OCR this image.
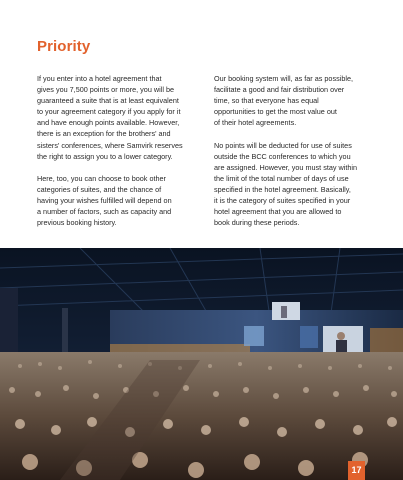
Priority

If you enter into a hotel agreement that
gives you 7,500 points or more, you will be
guaranteed a suite that is at least equivalent
to your agreement category if you apply for it
and have enough points available. However,
there is an exception for the brothers' and
sisters' conferences, where Samvirk reserves
the right to assign you to a lower category.

Here, too, you can choose to book other
categories of suites, and the chance of
having your wishes fulfilled will depend on
a number of factors, such as capacity and
previous booking history.

Our booking system will, as far as possible,
facilitate a good and fair distribution over
time, so that everyone has equal
opportunities to get the most value out
of their hotel agreements.

No points will be deducted for use of suites
outside the BCC conferences to which you
are assigned. However, you must stay within
the limit of the total number of days of use
specified in the hotel agreement. Basically,
it is the category of suites specified in your
hotel agreement that you are allowed to
book during these periods.

17
